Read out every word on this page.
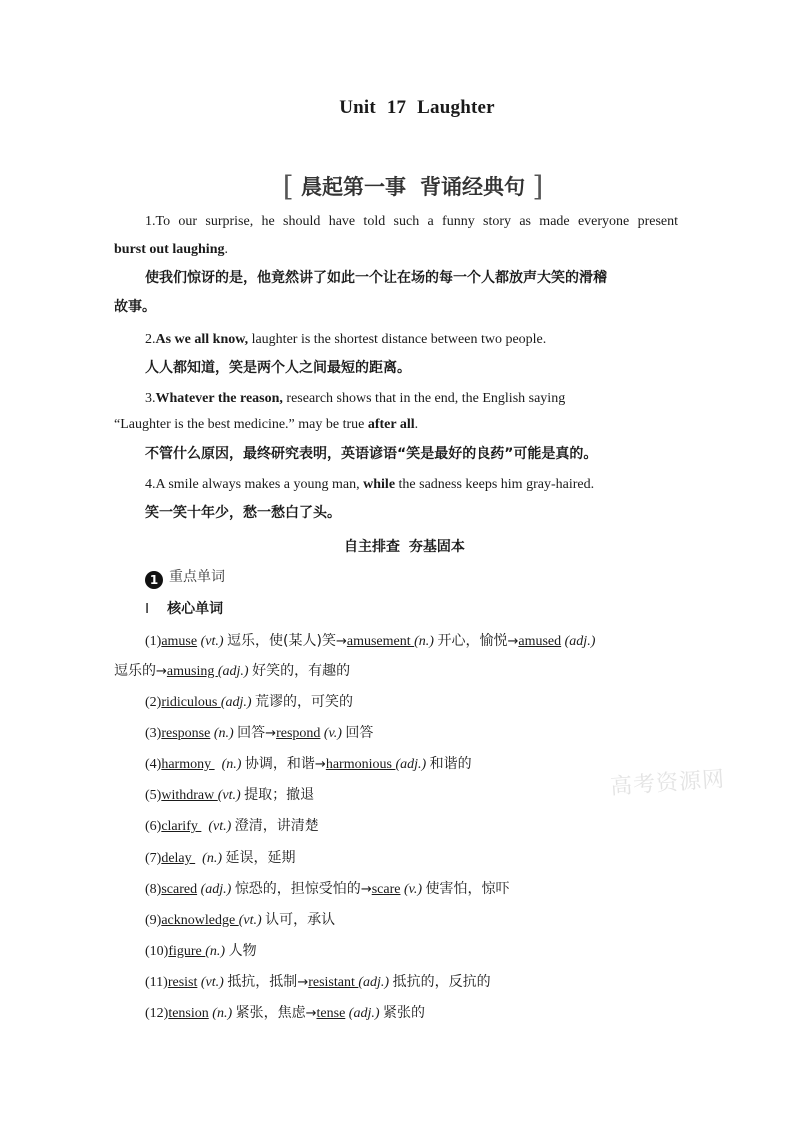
Unit 17 Laughter
[ 晨起第一事 背诵经典句 ]
1.To our surprise, he should have told such a funny story as made everyone present
burst out laughing.
使我们惊讶的是，他竟然讲了如此一个让在场的每一个人都放声大笑的滑稽
故事。
2.As we all know, laughter is the shortest distance between two people.
人人都知道，笑是两个人之间最短的距离。
3.Whatever the reason, research shows that in the end, the English saying
“Laughter is the best medicine.” may be true after all.
不管什么原因，最终研究表明，英语谚语“笑是最好的良药”可能是真的。
4.A smile always makes a young man, while the sadness keeps him gray-haired.
笑一笑十年少，愁一愁白了头。
自主排查 夯基固本
1 重点单词
Ⅰ 核心单词
(1)amuse (vt.) 逗乐，使(某人)笑→amusement (n.) 开心，愉悦→amused (adj.)
逗乐的→amusing (adj.) 好笑的，有趣的
(2)ridiculous (adj.) 荒谬的，可笑的
(3)response (n.) 回答→respond (v.) 回答
(4)harmony   (n.) 协调，和谐→harmonious (adj.) 和谐的
(5)withdraw (vt.) 提取；撤退
(6)clarify   (vt.) 澄清，讲清楚
(7)delay   (n.) 延误，延期
(8)scared (adj.) 惊恐的，担惊受怕的→scare (v.) 使害怕，惊吓
(9)acknowledge (vt.) 认可，承认
(10)figure (n.) 人物
(11)resist (vt.) 抵抗，抵制→resistant (adj.) 抵抗的，反抗的
(12)tension (n.) 紧张，焦虑→tense (adj.) 紧张的
高考资源网
